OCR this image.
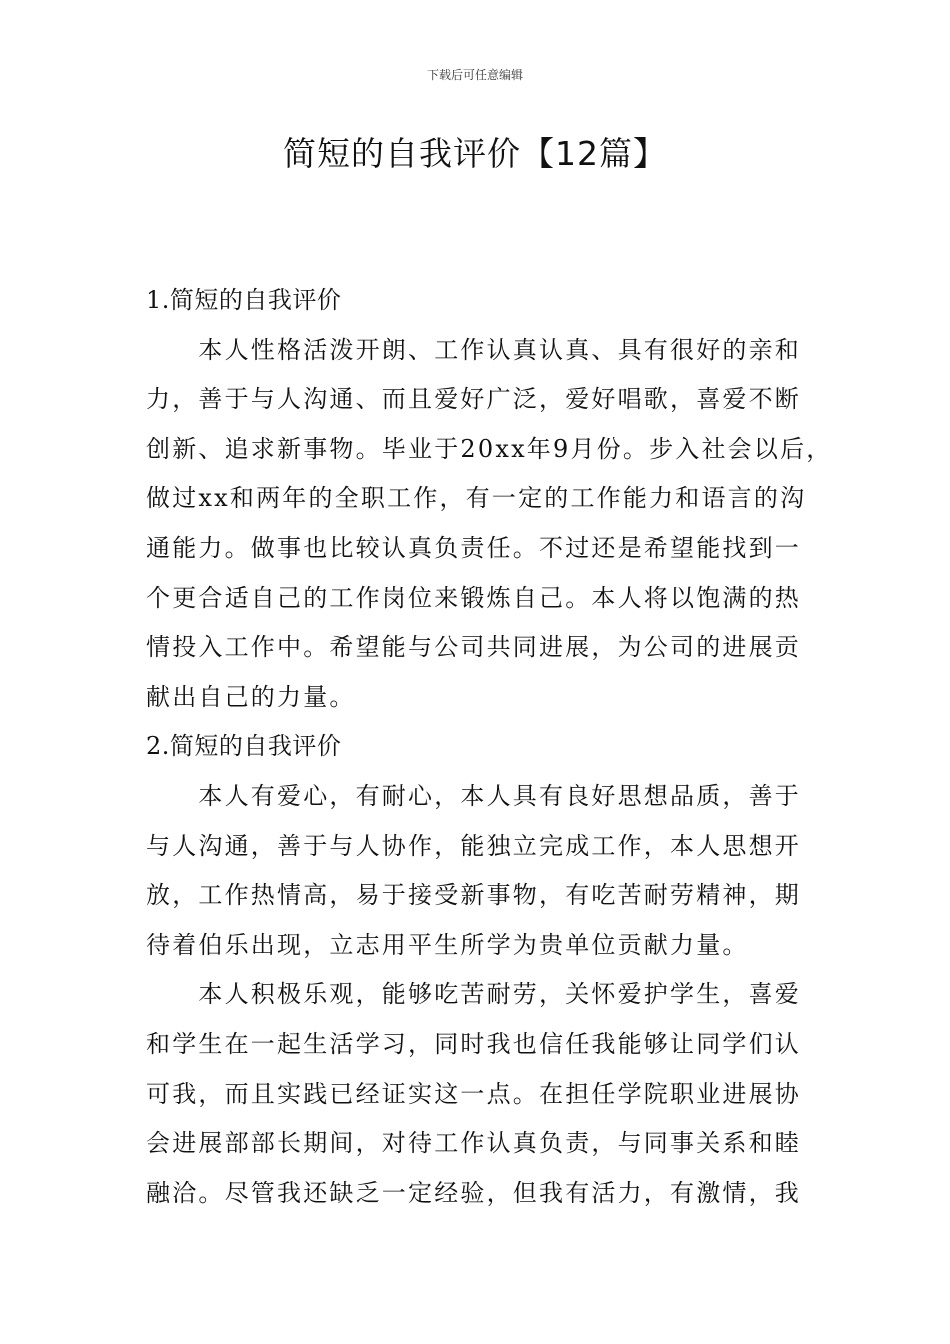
下载后可任意编辑
简短的自我评价【12篇】
1.简短的自我评价
　　本人性格活泼开朗、工作认真认真、具有很好的亲和
力，善于与人沟通、而且爱好广泛，爱好唱歌，喜爱不断
创新、追求新事物。毕业于20xx年9月份。步入社会以后，
做过xx和两年的全职工作，有一定的工作能力和语言的沟
通能力。做事也比较认真负责任。不过还是希望能找到一
个更合适自己的工作岗位来锻炼自己。本人将以饱满的热
情投入工作中。希望能与公司共同进展，为公司的进展贡
献出自己的力量。
2.简短的自我评价
　　本人有爱心，有耐心，本人具有良好思想品质，善于
与人沟通，善于与人协作，能独立完成工作，本人思想开
放，工作热情高，易于接受新事物，有吃苦耐劳精神，期
待着伯乐出现，立志用平生所学为贵单位贡献力量。
　　本人积极乐观，能够吃苦耐劳，关怀爱护学生，喜爱
和学生在一起生活学习，同时我也信任我能够让同学们认
可我，而且实践已经证实这一点。在担任学院职业进展协
会进展部部长期间，对待工作认真负责，与同事关系和睦
融洽。尽管我还缺乏一定经验，但我有活力，有激情，我
